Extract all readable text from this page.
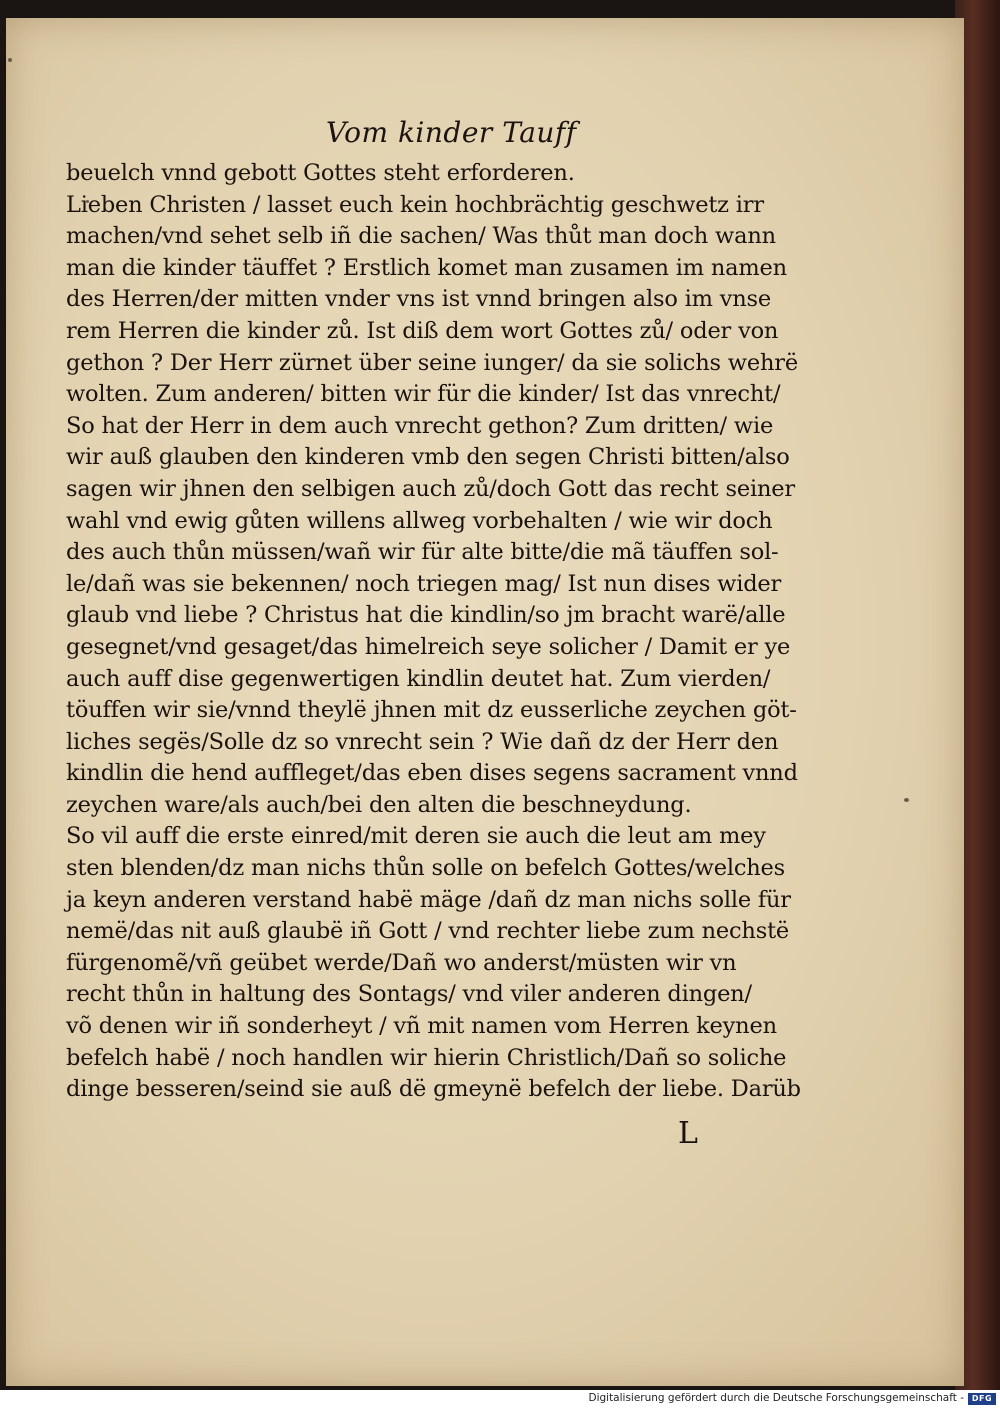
Vom kinder Tauff
beuelch vnnd gebott Gottes steht erforderen.
Lieben Christen / lasset euch kein hochbrächtig geschwetz irr
machen/vnd sehet selb iñ die sachen/ Was thůt man doch wann
man die kinder täuffet ? Erstlich komet man zusamen im namen
des Herren/der mitten vnder vns ist vnnd bringen also im vnse
rem Herren die kinder zů. Ist diß dem wort Gottes zů/ oder von
gethon ? Der Herr zürnet über seine iunger/ da sie solichs wehrë
wolten. Zum anderen/ bitten wir für die kinder/ Ist das vnrecht/
So hat der Herr in dem auch vnrecht gethon? Zum dritten/ wie
wir auß glauben den kinderen vmb den segen Christi bitten/also
sagen wir jhnen den selbigen auch zů/doch Gott das recht seiner
wahl vnd ewig gůten willens allweg vorbehalten / wie wir doch
des auch thůn müssen/wañ wir für alte bitte/die mã täuffen sol-
le/dañ was sie bekennen/ noch triegen mag/ Ist nun dises wider
glaub vnd liebe ? Christus hat die kindlin/so jm bracht warë/alle
gesegnet/vnd gesaget/das himelreich seye solicher / Damit er ye
auch auff dise gegenwertigen kindlin deutet hat. Zum vierden/
töuffen wir sie/vnnd theylë jhnen mit dz eusserliche zeychen göt-
liches segës/Solle dz so vnrecht sein ? Wie dañ dz der Herr den
kindlin die hend auffleget/das eben dises segens sacrament vnnd
zeychen ware/als auch/bei den alten die beschneydung.
So vil auff die erste einred/mit deren sie auch die leut am mey
sten blenden/dz man nichs thůn solle on befelch Gottes/welches
ja keyn anderen verstand habë mäge /dañ dz man nichs solle für
nemë/das nit auß glaubë iñ Gott / vnd rechter liebe zum nechstë
fürgenomẽ/vñ geübet werde/Dañ wo anderst/müsten wir vn
recht thůn in haltung des Sontags/ vnd viler anderen dingen/
võ denen wir iñ sonderheyt / vñ mit namen vom Herren keynen
befelch habë / noch handlen wir hierin Christlich/Dañ so soliche
dinge besseren/seind sie auß dë gmeynë befelch der liebe. Darüb
L
Digitalisierung gefördert durch die Deutsche Forschungsgemeinschaft - DFG
